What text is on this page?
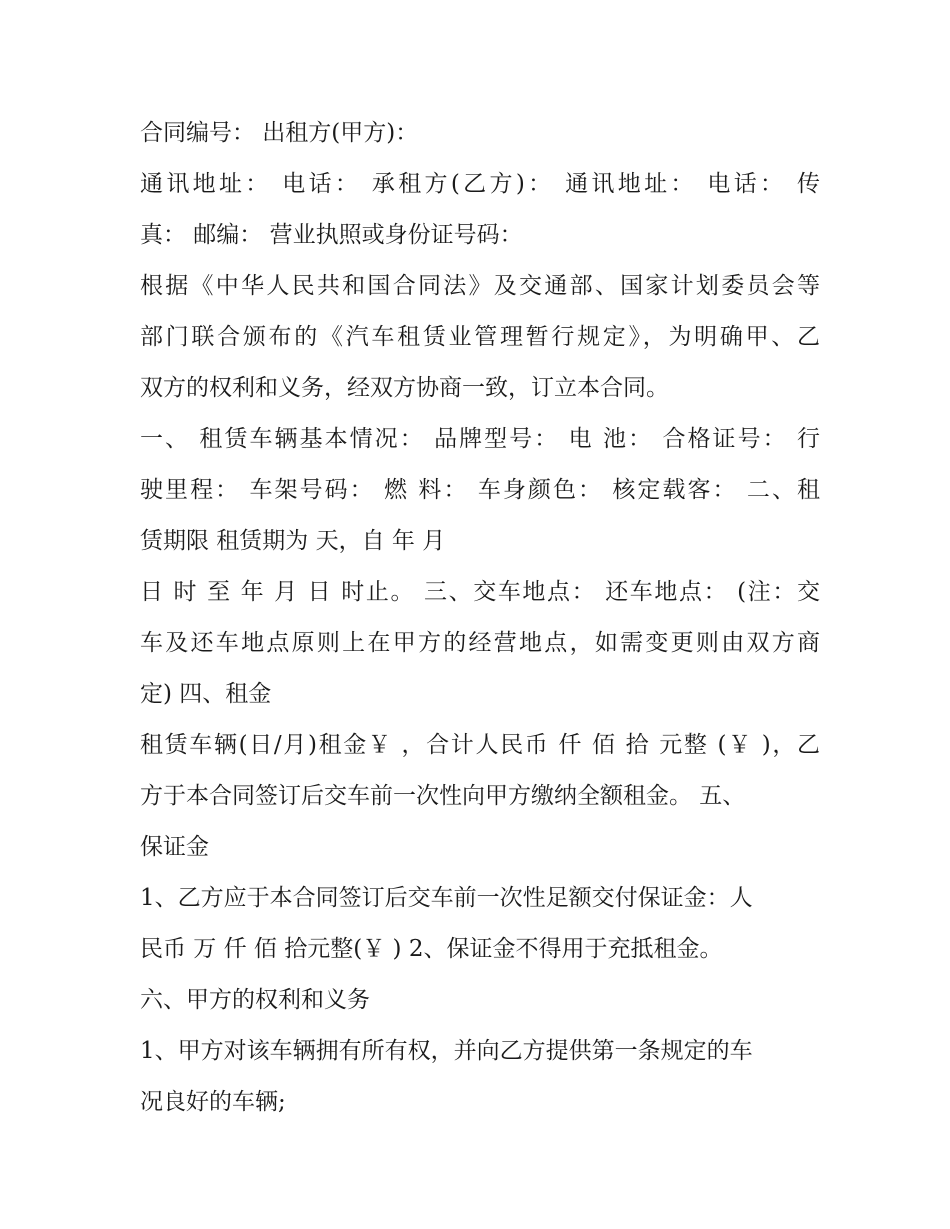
合同编号： 出租方(甲方)：
通讯地址： 电话： 承租方(乙方)： 通讯地址： 电话： 传
真： 邮编： 营业执照或身份证号码：
根据《中华人民共和国合同法》及交通部、国家计划委员会等
部门联合颁布的《汽车租赁业管理暂行规定》，为明确甲、乙
双方的权利和义务，经双方协商一致，订立本合同。
一、 租赁车辆基本情况： 品牌型号： 电 池： 合格证号： 行
驶里程： 车架号码： 燃 料： 车身颜色： 核定载客： 二、租
赁期限 租赁期为 天，自 年 月
日 时 至 年 月 日 时止。 三、交车地点： 还车地点： (注：交
车及还车地点原则上在甲方的经营地点，如需变更则由双方商
定) 四、租金
租赁车辆(日/月)租金￥ ，合计人民币 仟 佰 拾 元整 (￥ )，乙
方于本合同签订后交车前一次性向甲方缴纳全额租金。 五、
保证金
1、乙方应于本合同签订后交车前一次性足额交付保证金：人
民币 万 仟 佰 拾元整(￥ ) 2、保证金不得用于充抵租金。
六、甲方的权利和义务
1、甲方对该车辆拥有所有权，并向乙方提供第一条规定的车
况良好的车辆;
